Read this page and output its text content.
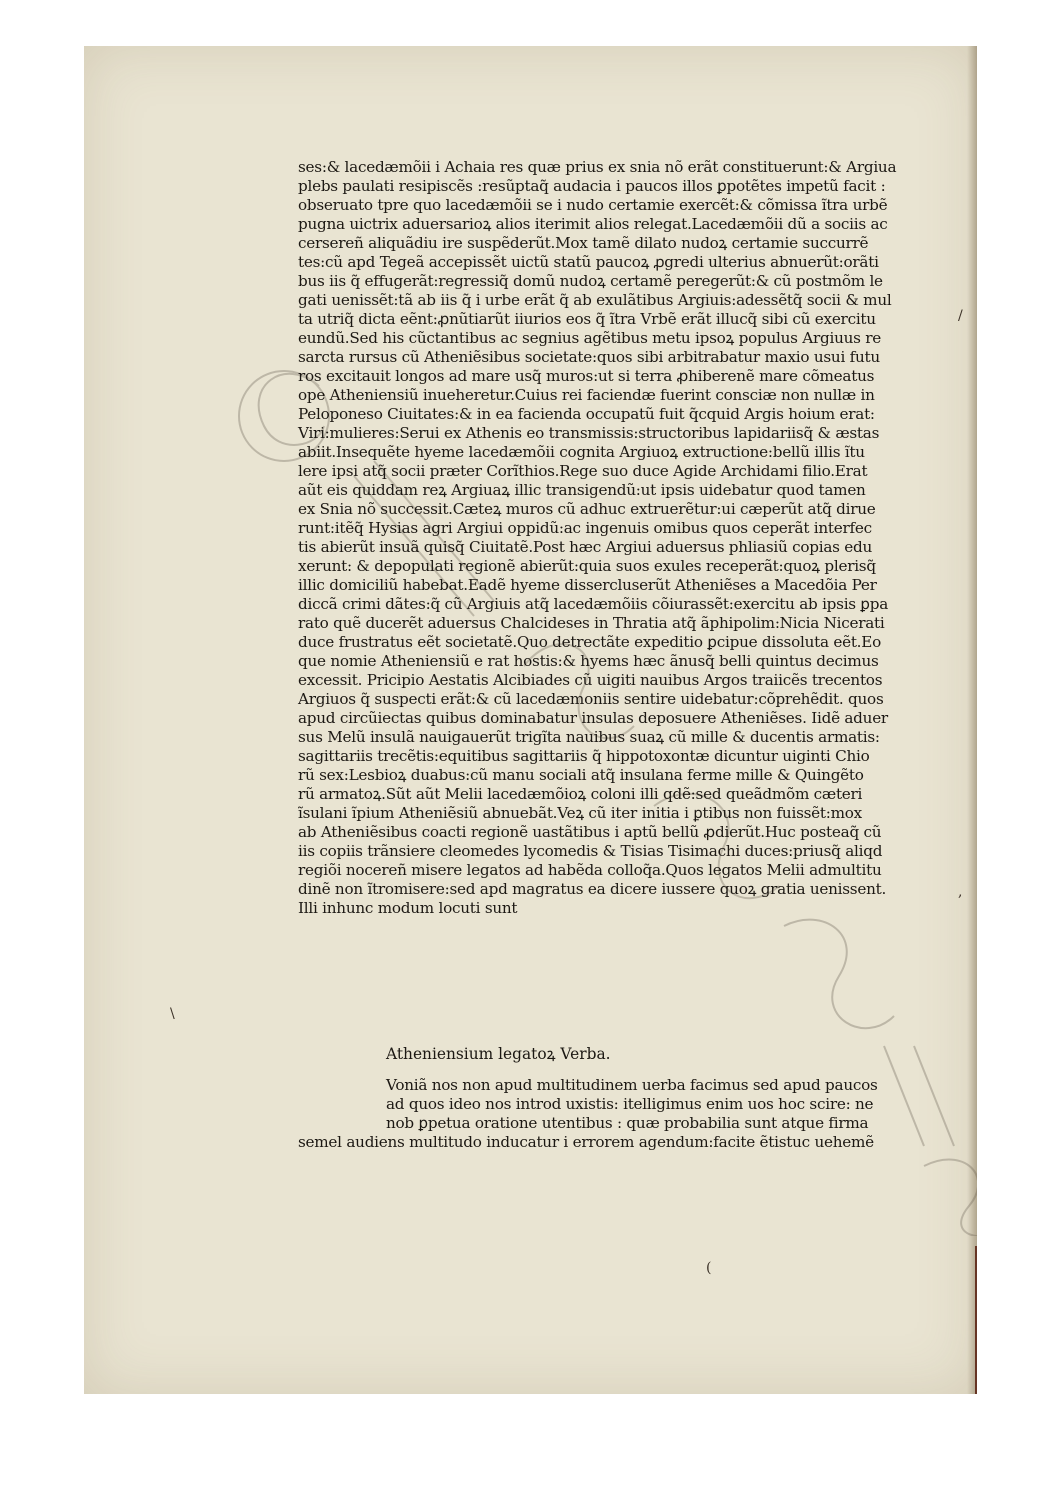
/
,
\
(
ses:& lacedæmõii i Achaia res quæ prius ex snia nõ erãt constituerunt:& Argiua
plebs paulati resipiscẽs :resũptaq̃ audacia i paucos illos ꝑpotẽtes impetũ facit :
obseruato tpre quo lacedæmõii se i nudo certamie exercẽt:& cõmissa ĩtra urbẽ
pugna uictrix aduersarioꝝ alios iterimit alios relegat.Lacedæmõii dũ a sociis ac
cersereñ aliquãdiu ire suspẽderũt.Mox tamẽ dilato nudoꝝ certamie succurrẽ
tes:cũ apd Tegeã accepissẽt uictũ statũ paucoꝝ ꝓgredi ulterius abnuerũt:orãti
bus iis q̃ effugerãt:regressiq̃ domũ nudoꝝ certamẽ peregerũt:& cũ postmõm le
gati uenissẽt:tã ab iis q̃ i urbe erãt q̃ ab exulãtibus Argiuis:adessẽtq̃ socii & mul
ta utriq̃ dicta eẽnt:ꝓnũtiarũt iiurios eos q̃ ĩtra Vrbẽ erãt illucq̃ sibi cũ exercitu
eundũ.Sed his cũctantibus ac segnius agẽtibus metu ipsoꝝ populus Argiuus re
sarcta rursus cũ Atheniẽsibus societate:quos sibi arbitrabatur maxio usui futu
ros excitauit longos ad mare usq̃ muros:ut si terra ꝓhiberenẽ mare cõmeatus
ope Atheniensiũ inueheretur.Cuius rei faciendæ fuerint consciæ non nullæ in
Peloponeso Ciuitates:& in ea facienda occupatũ fuit q̃cquid Argis hoium erat:
Viri:mulieres:Serui ex Athenis eo transmissis:structoribus lapidariisq̃ & æstas
abiit.Insequẽte hyeme lacedæmõii cognita Argiuoꝝ extructione:bellũ illis ĩtu
lere ipsi atq̃ socii præter Corĩthios.Rege suo duce Agide Archidami filio.Erat
aũt eis quiddam reꝝ Argiuaꝝ illic transigendũ:ut ipsis uidebatur quod tamen
ex Snia nõ successit.Cæteꝝ muros cũ adhuc extruerẽtur:ui cæperũt atq̃ dirue
runt:itẽq̃ Hysias agri Argiui oppidũ:ac ingenuis omibus quos ceperãt interfec
tis abierũt insuã quisq̃ Ciuitatẽ.Post hæc Argiui aduersus phliasiũ copias edu
xerunt: & depopulati regionẽ abierũt:quia suos exules receperãt:quoꝝ plerisq̃
illic domiciliũ habebat.Eadẽ hyeme dissercluserũt Atheniẽses a Macedõia Per
diccã crimi dãtes:q̃ cũ Argiuis atq̃ lacedæmõiis cõiurassẽt:exercitu ab ipsis ꝑpa
rato quẽ ducerẽt aduersus Chalcideses in Thratia atq̃ ãphipolim:Nicia Nicerati
duce frustratus eẽt societatẽ.Quo detrectãte expeditio ꝑcipue dissoluta eẽt.Eo
que nomie Atheniensiũ e rat hostis:& hyems hæc ãnusq̃ belli quintus decimus
excessit. Pricipio Aestatis Alcibiades cũ uigiti nauibus Argos traiicẽs trecentos
Argiuos q̃ suspecti erãt:& cũ lacedæmoniis sentire uidebatur:cõprehẽdit. quos
apud circũiectas quibus dominabatur insulas deposuere Atheniẽses. Iidẽ aduer
sus Melũ insulã nauigauerũt trigĩta nauibus suaꝝ cũ mille & ducentis armatis:
sagittariis trecẽtis:equitibus sagittariis q̃ hippotoxontæ dicuntur uiginti Chio
rũ sex:Lesbioꝝ duabus:cũ manu sociali atq̃ insulana ferme mille & Quingẽto
rũ armatoꝝ.Sũt aũt Melii lacedæmõioꝝ coloni illi qdẽ:sed queãdmõm cæteri
ĩsulani ĩpium Atheniẽsiũ abnuebãt.Veꝝ cũ iter initia i ꝑtibus non fuissẽt:mox
ab Atheniẽsibus coacti regionẽ uastãtibus i aptũ bellũ ꝓdierũt.Huc posteaq̃ cũ
iis copiis trãnsiere cleomedes lycomedis & Tisias Tisimachi duces:priusq̃ aliqd
regiõi nocereñ misere legatos ad habẽda colloq̃a.Quos legatos Melii admultitu
dinẽ non ĩtromisere:sed apd magratus ea dicere iussere quoꝝ gratia uenissent.
Illi inhunc modum locuti sunt
Atheniensium legatoꝝ Verba.
Voniã nos non apud multitudinem uerba facimus sed apud paucos
ad quos ideo nos introd uxistis: itelligimus enim uos hoc scire: ne
nob ꝑpetua oratione utentibus : quæ probabilia sunt atque firma
semel audiens multitudo inducatur i errorem agendum:facite ẽtistuc uehemẽ
